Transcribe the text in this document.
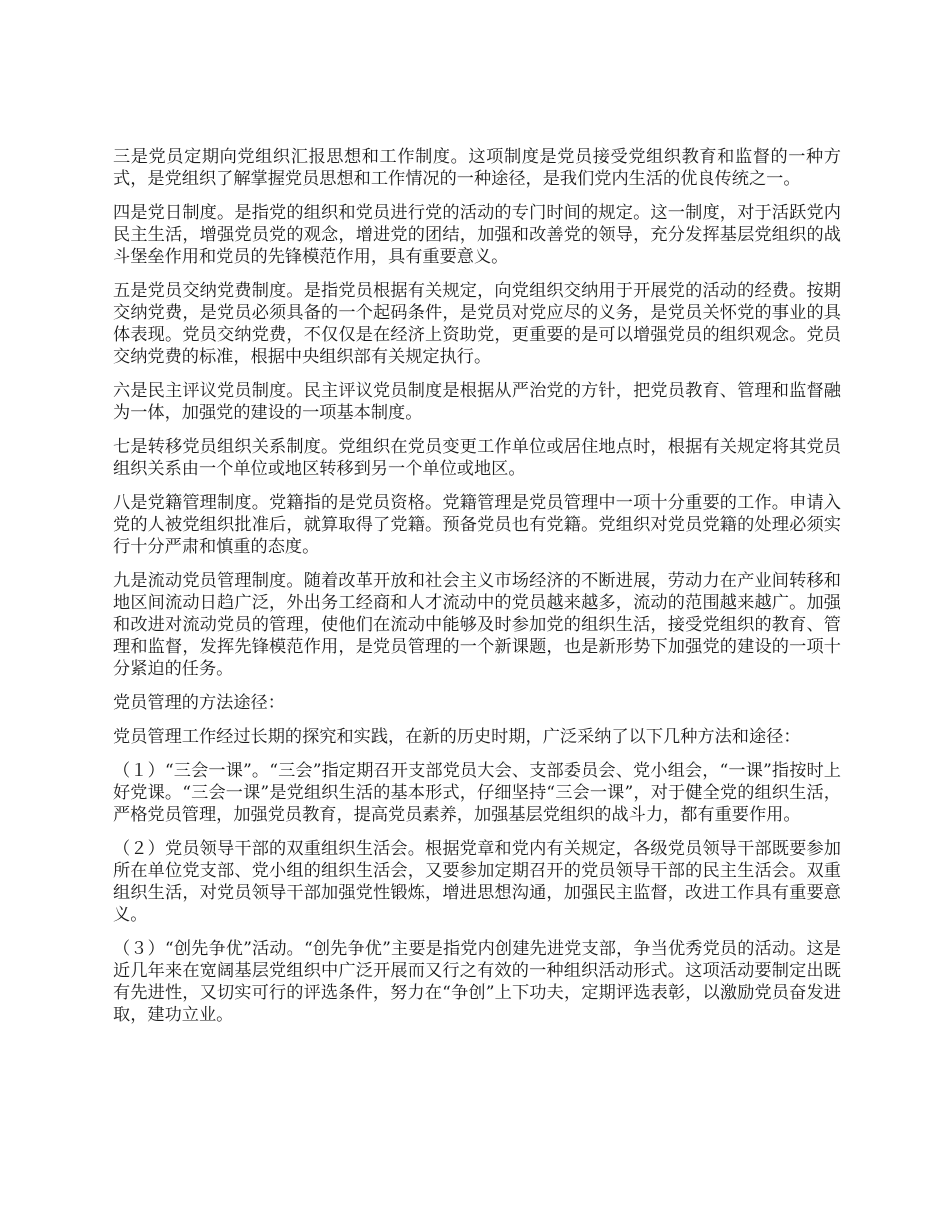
三是党员定期向党组织汇报思想和工作制度。这项制度是党员接受党组织教育和监督的一种方式，是党组织了解掌握党员思想和工作情况的一种途径，是我们党内生活的优良传统之一。

四是党日制度。是指党的组织和党员进行党的活动的专门时间的规定。这一制度，对于活跃党内民主生活，增强党员党的观念，增进党的团结，加强和改善党的领导，充分发挥基层党组织的战斗堡垒作用和党员的先锋模范作用，具有重要意义。

五是党员交纳党费制度。是指党员根据有关规定，向党组织交纳用于开展党的活动的经费。按期交纳党费，是党员必须具备的一个起码条件，是党员对党应尽的义务，是党员关怀党的事业的具体表现。党员交纳党费，不仅仅是在经济上资助党，更重要的是可以增强党员的组织观念。党员交纳党费的标准，根据中央组织部有关规定执行。

六是民主评议党员制度。民主评议党员制度是根据从严治党的方针，把党员教育、管理和监督融为一体，加强党的建设的一项基本制度。

七是转移党员组织关系制度。党组织在党员变更工作单位或居住地点时，根据有关规定将其党员组织关系由一个单位或地区转移到另一个单位或地区。

八是党籍管理制度。党籍指的是党员资格。党籍管理是党员管理中一项十分重要的工作。申请入党的人被党组织批准后，就算取得了党籍。预备党员也有党籍。党组织对党员党籍的处理必须实行十分严肃和慎重的态度。

九是流动党员管理制度。随着改革开放和社会主义市场经济的不断进展，劳动力在产业间转移和地区间流动日趋广泛，外出务工经商和人才流动中的党员越来越多，流动的范围越来越广。加强和改进对流动党员的管理，使他们在流动中能够及时参加党的组织生活，接受党组织的教育、管理和监督，发挥先锋模范作用，是党员管理的一个新课题，也是新形势下加强党的建设的一项十分紧迫的任务。

党员管理的方法途径：

党员管理工作经过长期的探究和实践，在新的历史时期，广泛采纳了以下几种方法和途径：

（１）“三会一课”。“三会”指定期召开支部党员大会、支部委员会、党小组会，“一课”指按时上好党课。“三会一课”是党组织生活的基本形式，仔细坚持“三会一课”，对于健全党的组织生活，严格党员管理，加强党员教育，提高党员素养，加强基层党组织的战斗力，都有重要作用。

（２）党员领导干部的双重组织生活会。根据党章和党内有关规定，各级党员领导干部既要参加所在单位党支部、党小组的组织生活会，又要参加定期召开的党员领导干部的民主生活会。双重组织生活，对党员领导干部加强党性锻炼，增进思想沟通，加强民主监督，改进工作具有重要意义。

（３）“创先争优”活动。“创先争优”主要是指党内创建先进党支部，争当优秀党员的活动。这是近几年来在宽阔基层党组织中广泛开展而又行之有效的一种组织活动形式。这项活动要制定出既有先进性，又切实可行的评选条件，努力在“争创”上下功夫，定期评选表彰，以激励党员奋发进取，建功立业。
